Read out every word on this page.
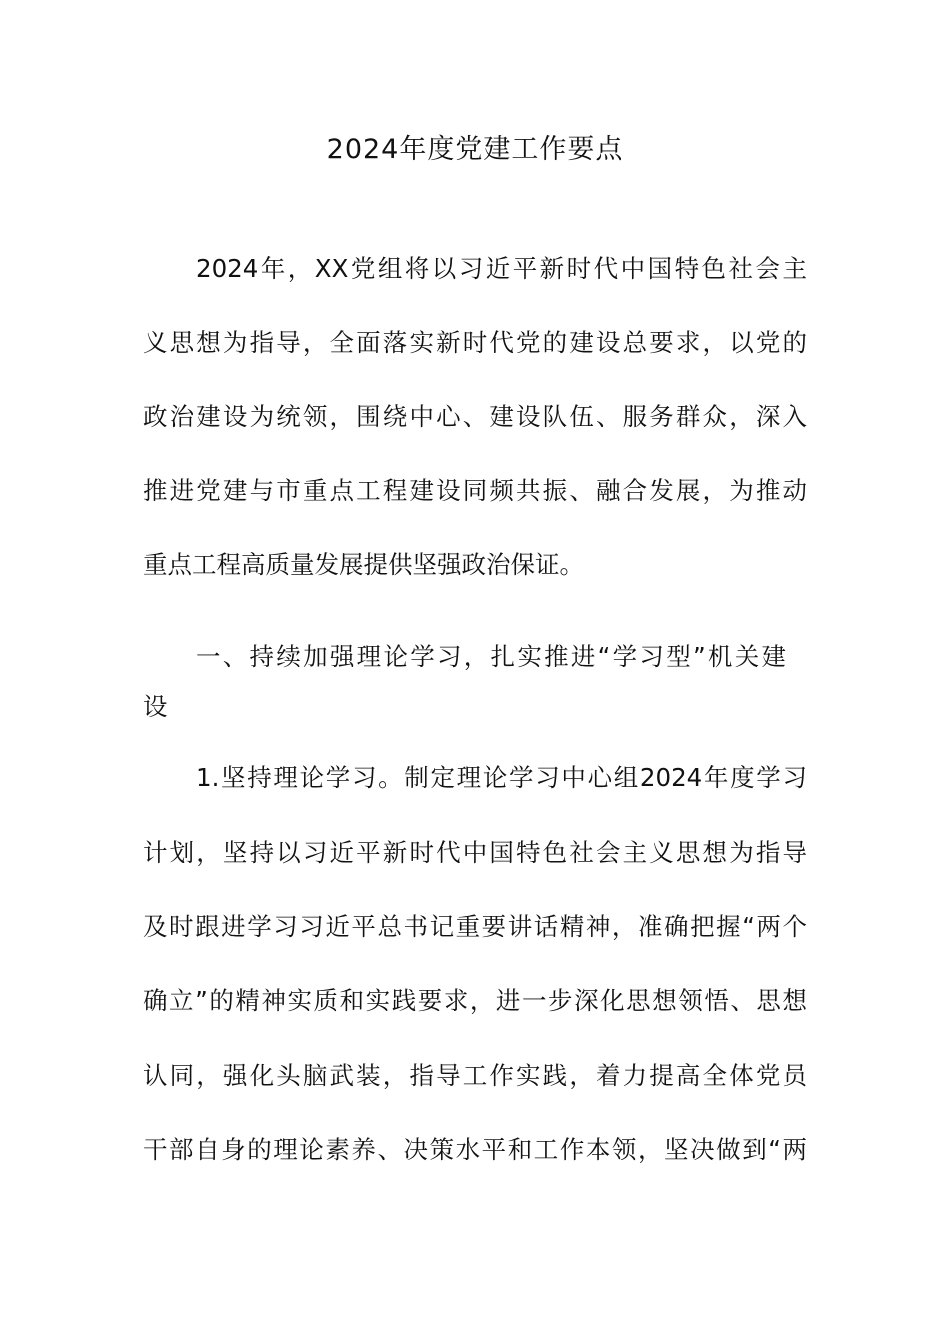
2024年度党建工作要点
2024年，XX党组将以习近平新时代中国特色社会主
义思想为指导，全面落实新时代党的建设总要求，以党的
政治建设为统领，围绕中心、建设队伍、服务群众，深入
推进党建与市重点工程建设同频共振、融合发展，为推动
重点工程高质量发展提供坚强政治保证。
一、持续加强理论学习，扎实推进“学习型”机关建
设
1.坚持理论学习。制定理论学习中心组2024年度学习
计划，坚持以习近平新时代中国特色社会主义思想为指导
及时跟进学习习近平总书记重要讲话精神，准确把握“两个
确立”的精神实质和实践要求，进一步深化思想领悟、思想
认同，强化头脑武装，指导工作实践，着力提高全体党员
干部自身的理论素养、决策水平和工作本领，坚决做到“两
